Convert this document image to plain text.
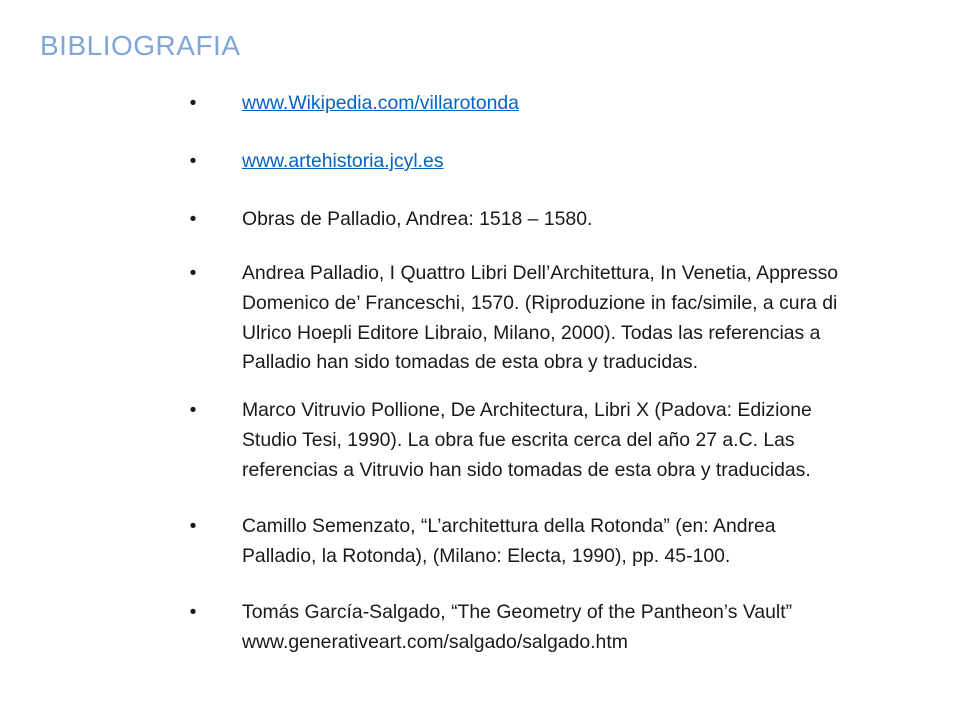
BIBLIOGRAFIA
• www.Wikipedia.com/villarotonda
• www.artehistoria.jcyl.es
• Obras de Palladio, Andrea: 1518 – 1580.
• Andrea Palladio, I Quattro Libri Dell’Architettura, In Venetia, Appresso
Domenico de’ Franceschi, 1570. (Riproduzione in fac/simile, a cura di
Ulrico Hoepli Editore Libraio, Milano, 2000). Todas las referencias a
Palladio han sido tomadas de esta obra y traducidas.
• Marco Vitruvio Pollione, De Architectura, Libri X (Padova: Edizione
Studio Tesi, 1990). La obra fue escrita cerca del año 27 a.C. Las
referencias a Vitruvio han sido tomadas de esta obra y traducidas.
• Camillo Semenzato, “L’architettura della Rotonda” (en: Andrea
Palladio, la Rotonda), (Milano: Electa, 1990), pp. 45-100.
• Tomás García-Salgado, “The Geometry of the Pantheon’s Vault”
www.generativeart.com/salgado/salgado.htm
